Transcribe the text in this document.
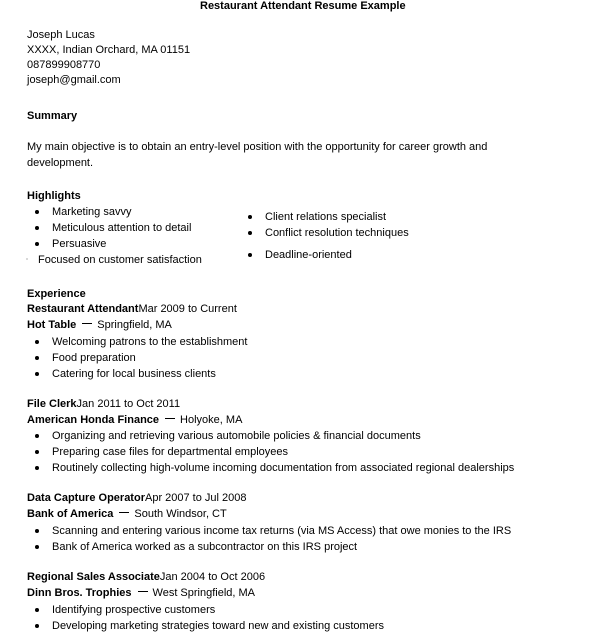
Restaurant Attendant Resume Example
Joseph Lucas
XXXX, Indian Orchard, MA 01151
087899908770
joseph@gmail.com
Summary

My main objective is to obtain an entry-level position with the opportunity for career growth and development.

Highlights
Marketing savvy
Meticulous attention to detail
Persuasive
Focused on customer satisfaction
Client relations specialist
Conflict resolution techniques
Deadline-oriented
Experience
Restaurant AttendantMar 2009 to Current
Hot Table Springfield, MA
Welcoming patrons to the establishment
Food preparation
Catering for local business clients
File ClerkJan 2011 to Oct 2011
American Honda Finance Holyoke, MA
Organizing and retrieving various automobile policies & financial documents
Preparing case files for departmental employees
Routinely collecting high-volume incoming documentation from associated regional dealerships
Data Capture OperatorApr 2007 to Jul 2008
Bank of America South Windsor, CT
Scanning and entering various income tax returns (via MS Access) that owe monies to the IRS
Bank of America worked as a subcontractor on this IRS project
Regional Sales AssociateJan 2004 to Oct 2006
Dinn Bros. Trophies West Springfield, MA
Identifying prospective customers
Developing marketing strategies toward new and existing customers
